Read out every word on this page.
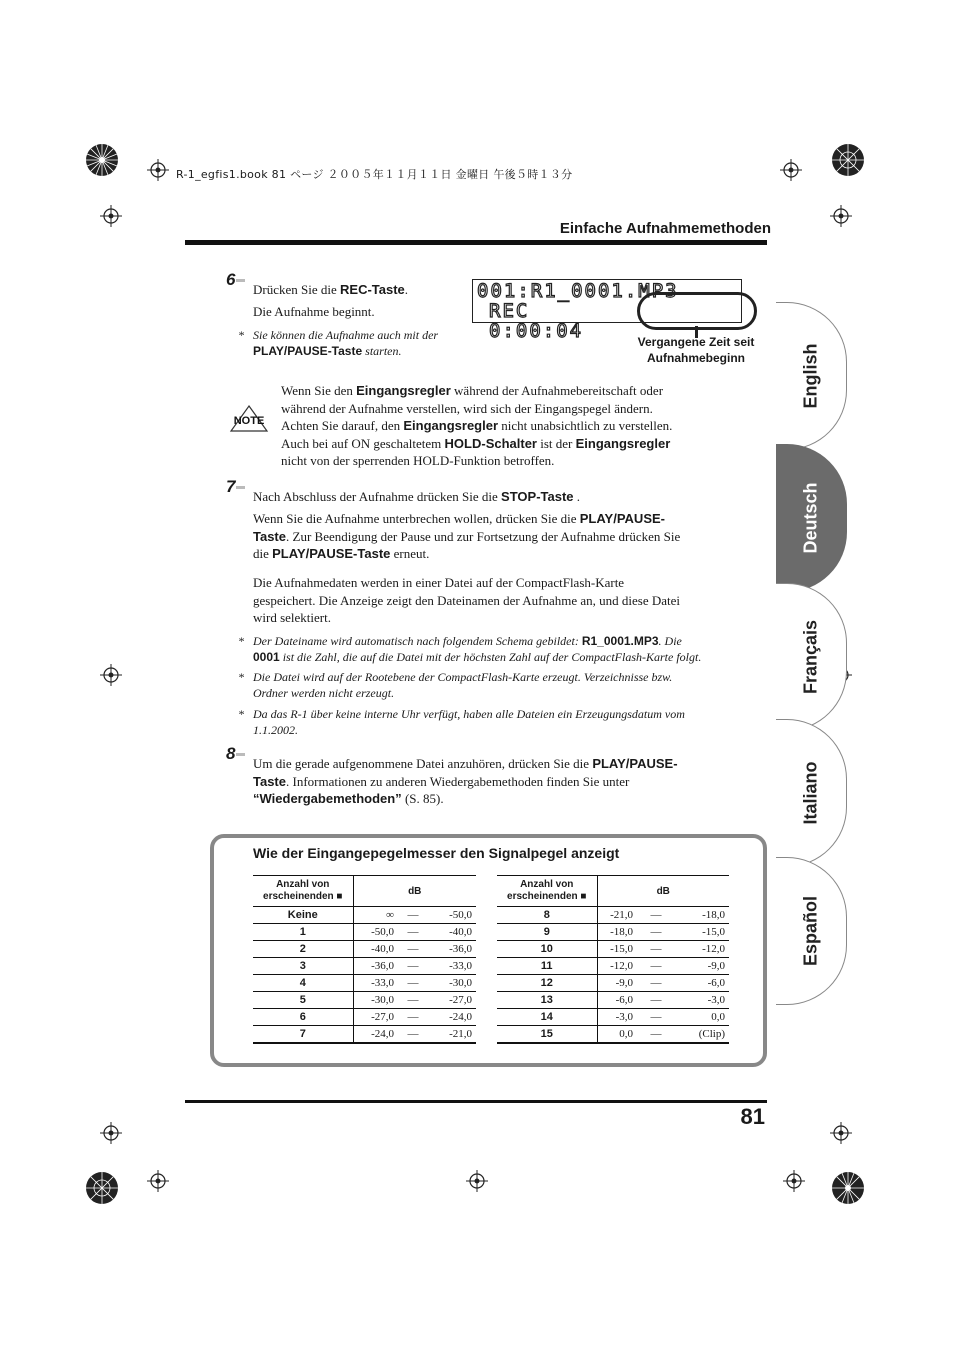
R-1_egfis1.book 81 ページ ２００５年１１月１１日 金曜日 午後５時１３分
Einfache Aufnahmemethoden
English
Deutsch
Français
Italiano
Español
6
Drücken Sie die REC-Taste.
Die Aufnahme beginnt.
*   Sie können die Aufnahme auch mit der
PLAY/PAUSE-Taste starten.
001:R1_0001.MP3
REC0:00:04	Vergangene Zeit seit
Aufnahmebeginn
NOTE
Wenn Sie den Eingangsregler während der Aufnahmebereitschaft oder
während der Aufnahme verstellen, wird sich der Eingangspegel ändern.
Achten Sie darauf, den Eingangsregler nicht unabsichtlich zu verstellen.
Auch bei auf ON geschaltetem HOLD-Schalter ist der Eingangsregler
nicht von der sperrenden HOLD-Funktion betroffen.
7
Nach Abschluss der Aufnahme drücken Sie die STOP-Taste .
Wenn Sie die Aufnahme unterbrechen wollen, drücken Sie die PLAY/PAUSE-
Taste. Zur Beendigung der Pause und zur Fortsetzung der Aufnahme drücken Sie
die PLAY/PAUSE-Taste erneut.
Die Aufnahmedaten werden in einer Datei auf der CompactFlash-Karte
gespeichert. Die Anzeige zeigt den Dateinamen der Aufnahme an, und diese Datei
wird selektiert.
*   Der Dateiname wird automatisch nach folgendem Schema gebildet: R1_0001.MP3. Die
0001 ist die Zahl, die auf die Datei mit der höchsten Zahl auf der CompactFlash-Karte folgt.
*   Die Datei wird auf der Rootebene der CompactFlash-Karte erzeugt. Verzeichnisse bzw.
Ordner werden nicht erzeugt.
*   Da das R-1 über keine interne Uhr verfügt, haben alle Dateien ein Erzeugungsdatum vom
1.1.2002.
8
Um die gerade aufgenommene Datei anzuhören, drücken Sie die PLAY/PAUSE-
Taste. Informationen zu anderen Wiedergabemethoden finden Sie unter
“Wiedergabemethoden” (S. 85).
Wie der Eingangepegelmesser den Signalpegel anzeigt
Anzahl von
erscheinenden ■	dB		
Keine	∞	—	-50,0
1	-50,0	—	-40,0
2	-40,0	—	-36,0
3	-36,0	—	-33,0
4	-33,0	—	-30,0
5	-30,0	—	-27,0
6	-27,0	—	-24,0
7	-24,0	—	-21,0
Anzahl von
erscheinenden ■	dB		
8	-21,0	—	-18,0
9	-18,0	—	-15,0
10	-15,0	—	-12,0
11	-12,0	—	-9,0
12	-9,0	—	-6,0
13	-6,0	—	-3,0
14	-3,0	—	0,0
15	0,0	—	(Clip)
81
